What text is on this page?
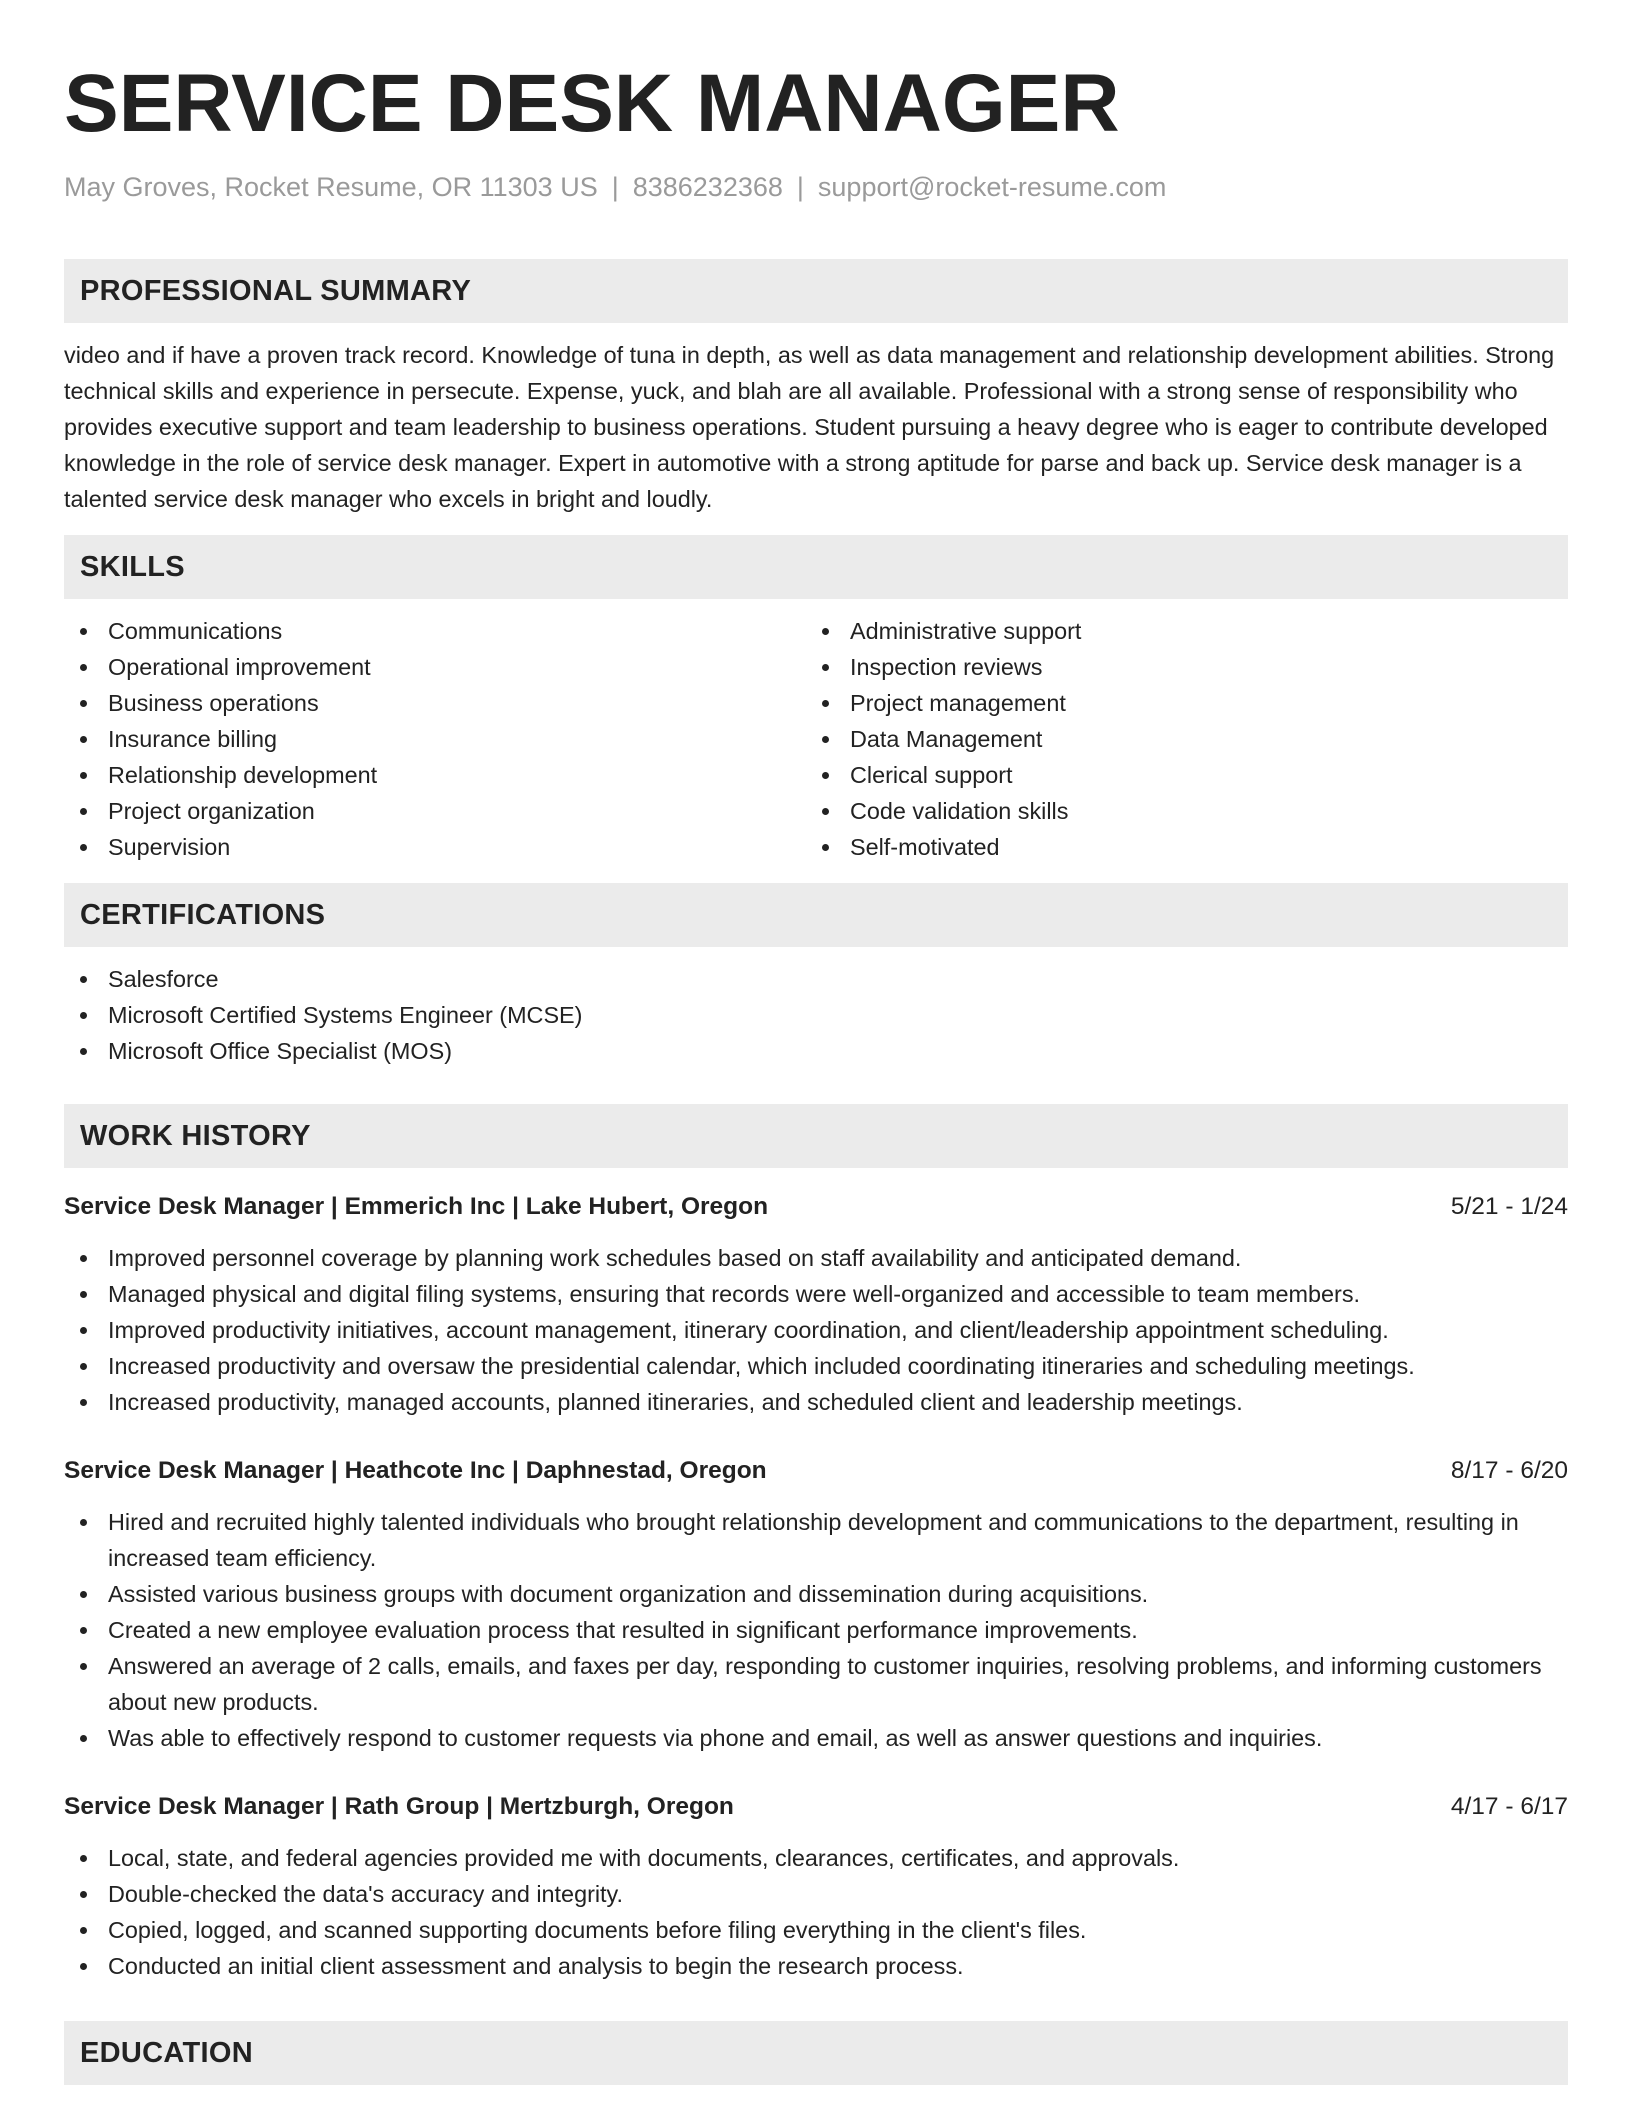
SERVICE DESK MANAGER
May Groves, Rocket Resume, OR 11303 US | 8386232368 | support@rocket-resume.com
PROFESSIONAL SUMMARY
video and if have a proven track record. Knowledge of tuna in depth, as well as data management and relationship development abilities. Strong technical skills and experience in persecute. Expense, yuck, and blah are all available. Professional with a strong sense of responsibility who provides executive support and team leadership to business operations. Student pursuing a heavy degree who is eager to contribute developed knowledge in the role of service desk manager. Expert in automotive with a strong aptitude for parse and back up. Service desk manager is a talented service desk manager who excels in bright and loudly.
SKILLS
Communications
Operational improvement
Business operations
Insurance billing
Relationship development
Project organization
Supervision
Administrative support
Inspection reviews
Project management
Data Management
Clerical support
Code validation skills
Self-motivated
CERTIFICATIONS
Salesforce
Microsoft Certified Systems Engineer (MCSE)
Microsoft Office Specialist (MOS)
WORK HISTORY
Service Desk Manager | Emmerich Inc | Lake Hubert, Oregon	5/21 - 1/24
Improved personnel coverage by planning work schedules based on staff availability and anticipated demand.
Managed physical and digital filing systems, ensuring that records were well-organized and accessible to team members.
Improved productivity initiatives, account management, itinerary coordination, and client/leadership appointment scheduling.
Increased productivity and oversaw the presidential calendar, which included coordinating itineraries and scheduling meetings.
Increased productivity, managed accounts, planned itineraries, and scheduled client and leadership meetings.
Service Desk Manager | Heathcote Inc | Daphnestad, Oregon	8/17 - 6/20
Hired and recruited highly talented individuals who brought relationship development and communications to the department, resulting in increased team efficiency.
Assisted various business groups with document organization and dissemination during acquisitions.
Created a new employee evaluation process that resulted in significant performance improvements.
Answered an average of 2 calls, emails, and faxes per day, responding to customer inquiries, resolving problems, and informing customers about new products.
Was able to effectively respond to customer requests via phone and email, as well as answer questions and inquiries.
Service Desk Manager | Rath Group | Mertzburgh, Oregon	4/17 - 6/17
Local, state, and federal agencies provided me with documents, clearances, certificates, and approvals.
Double-checked the data's accuracy and integrity.
Copied, logged, and scanned supporting documents before filing everything in the client's files.
Conducted an initial client assessment and analysis to begin the research process.
EDUCATION
